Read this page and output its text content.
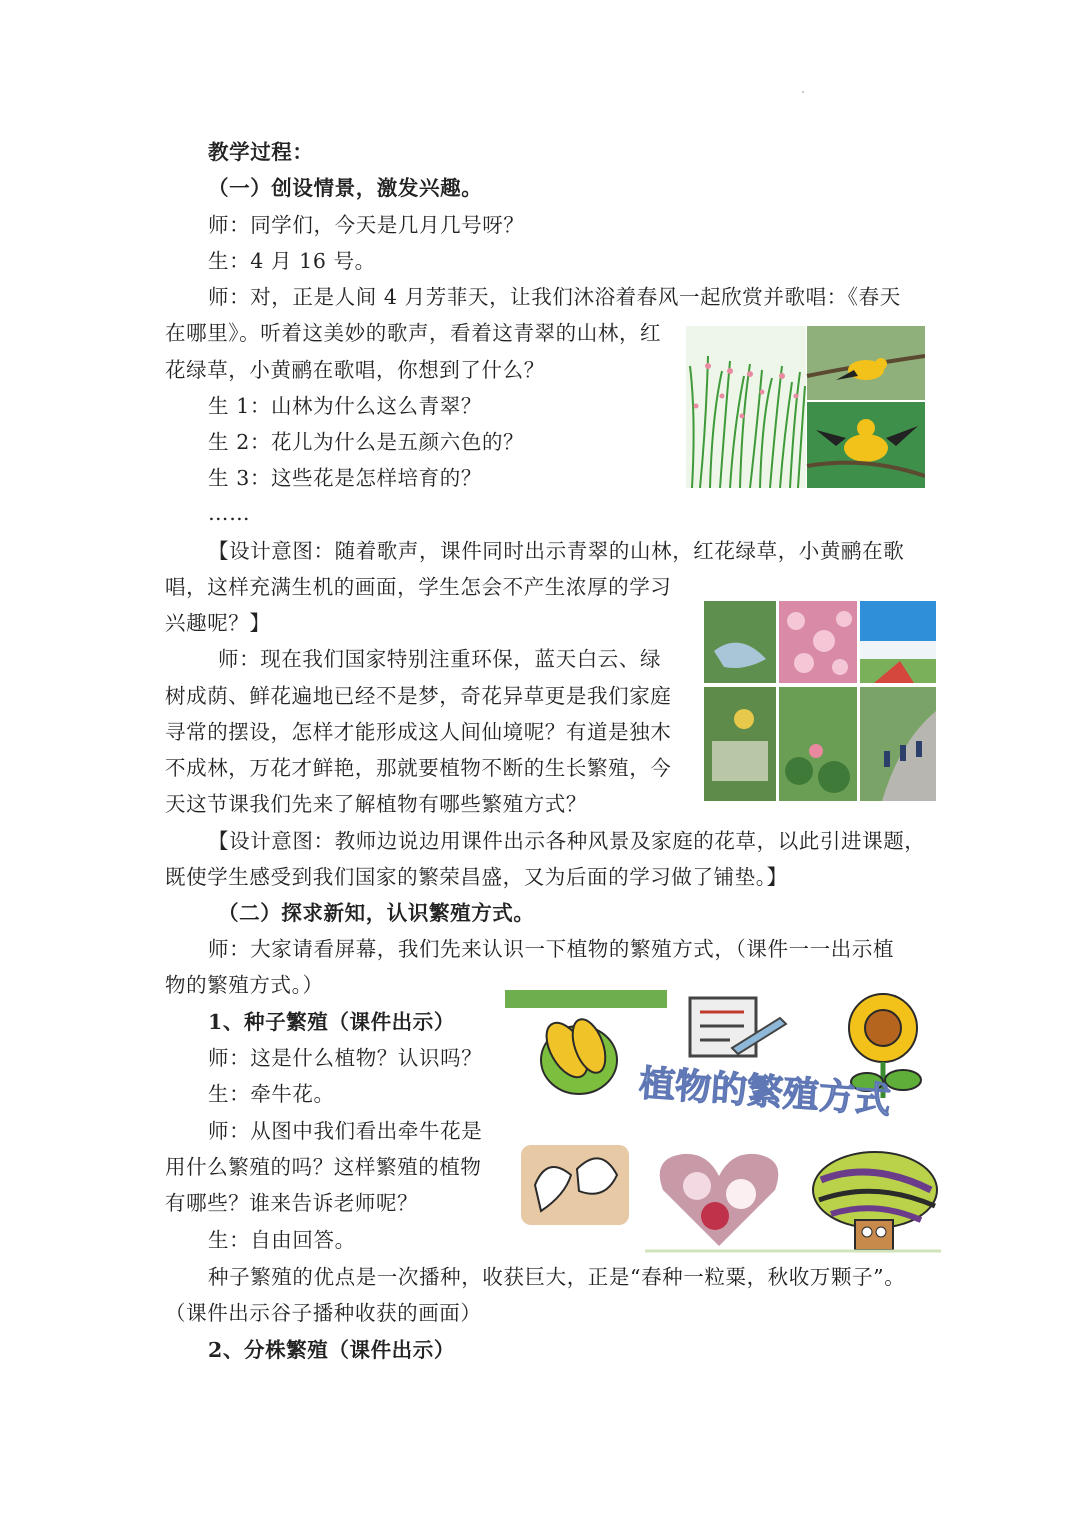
教学过程：
（一）创设情景，激发兴趣。
师：同学们，今天是几月几号呀？
生：4 月 16 号。
师：对，正是人间 4 月芳菲天，让我们沐浴着春风一起欣赏并歌唱：《春天
在哪里》。听着这美妙的歌声，看着这青翠的山林，红
花绿草，小黄鹂在歌唱，你想到了什么？
生 1：山林为什么这么青翠？
生 2：花儿为什么是五颜六色的？
生 3：这些花是怎样培育的？
……
【设计意图：随着歌声，课件同时出示青翠的山林，红花绿草，小黄鹂在歌
唱，这样充满生机的画面，学生怎会不产生浓厚的学习
兴趣呢？】
师：现在我们国家特别注重环保，蓝天白云、绿
树成荫、鲜花遍地已经不是梦，奇花异草更是我们家庭
寻常的摆设，怎样才能形成这人间仙境呢？有道是独木
不成林，万花才鲜艳，那就要植物不断的生长繁殖，今
天这节课我们先来了解植物有哪些繁殖方式？
【设计意图：教师边说边用课件出示各种风景及家庭的花草，以此引进课题，
既使学生感受到我们国家的繁荣昌盛，又为后面的学习做了铺垫。】
（二）探求新知，认识繁殖方式。
师：大家请看屏幕，我们先来认识一下植物的繁殖方式，（课件一一出示植
物的繁殖方式。）
1、种子繁殖（课件出示）
师：这是什么植物？认识吗？
生：牵牛花。
师：从图中我们看出牵牛花是
用什么繁殖的吗？这样繁殖的植物
有哪些？谁来告诉老师呢？
生：自由回答。
种子繁殖的优点是一次播种，收获巨大，正是“春种一粒粟，秋收万颗子”。
（课件出示谷子播种收获的画面）
2、分株繁殖（课件出示）
植物的繁殖方式
